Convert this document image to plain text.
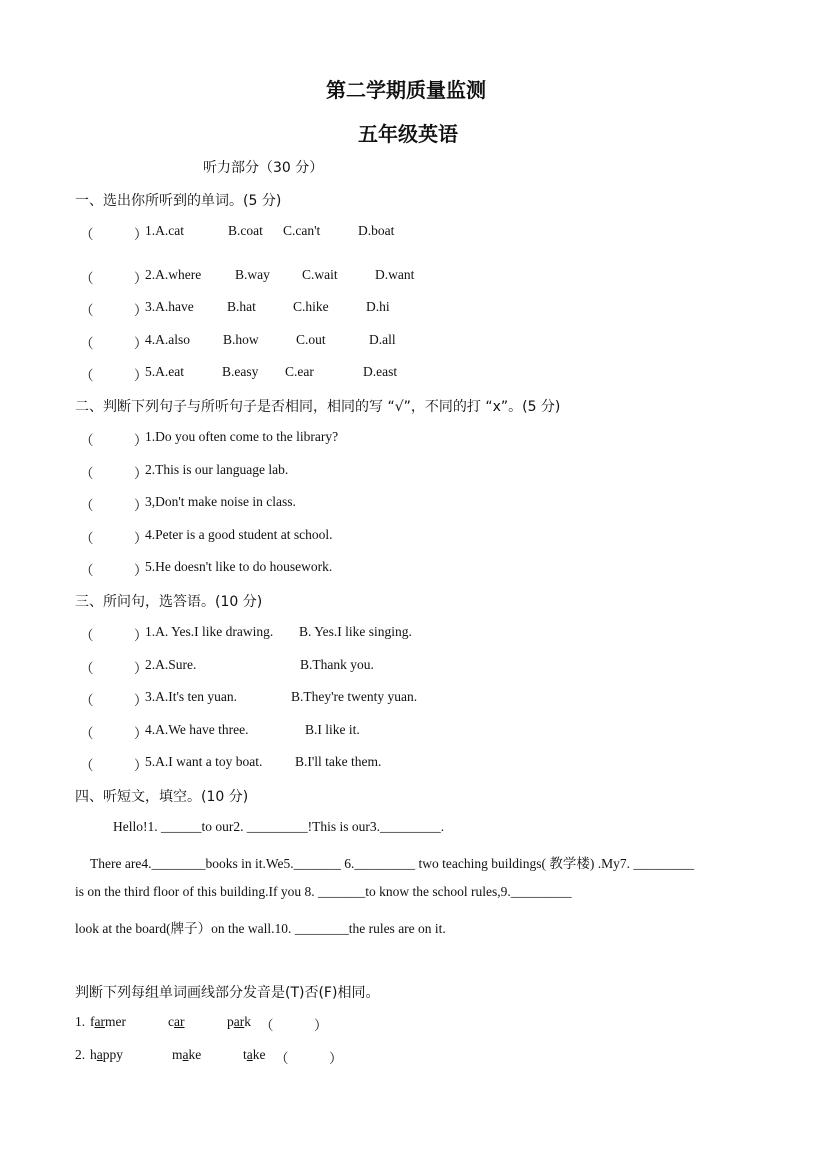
第二学期质量监测
五年级英语
听力部分（30 分）
一、选出你所听到的单词。(5 分)
（　　　）
1.A.cat	B.coat C.can't	D.boat
（　　　）
2.A.where	B.way C.wait	D.want
（　　　）
3.A.have B.hat	C.hike	D.hi
（　　　）
4.A.also B.how	C.out	D.all
（　　　）
5.A.eat	B.easy C.ear	D.east
二、判断下列句子与所听句子是否相同，相同的写 “√”，不同的打 “x”。(5 分)
（　　　）
1.Do you often come to the library?
（　　　）
2.This is our language lab.
（　　　）
3,Don't make noise in class.
（　　　）
4.Peter is a good student at school.
（　　　）
5.He doesn't like to do housework.
三、所问句，选答语。(10 分)
（　　　）
1.A. Yes.I like drawing. B. Yes.I like singing.
（　　　）
2.A.Sure.	B.Thank you.
（　　　）
3.A.It's ten yuan.	B.They're twenty yuan.
（　　　）
4.A.We have three.	B.I like it.
（　　　）
5.A.I want a toy boat. B.I'll take them.
四、听短文，填空。(10 分)
Hello!1. ______to our2. _________!This is our3._________.
There are4.________books in it.We5._______ 6._________ two teaching buildings( 教学楼) .My7. _________
is on the third floor of this building.If you 8. _______to know the school rules,9._________
look at the board(牌子）on the wall.10. ________the rules are on it.
判断下列每组单词画线部分发音是(T)否(F)相同。
1. farmer	car	park （　　　）
2. happy	make	take （　　　）
